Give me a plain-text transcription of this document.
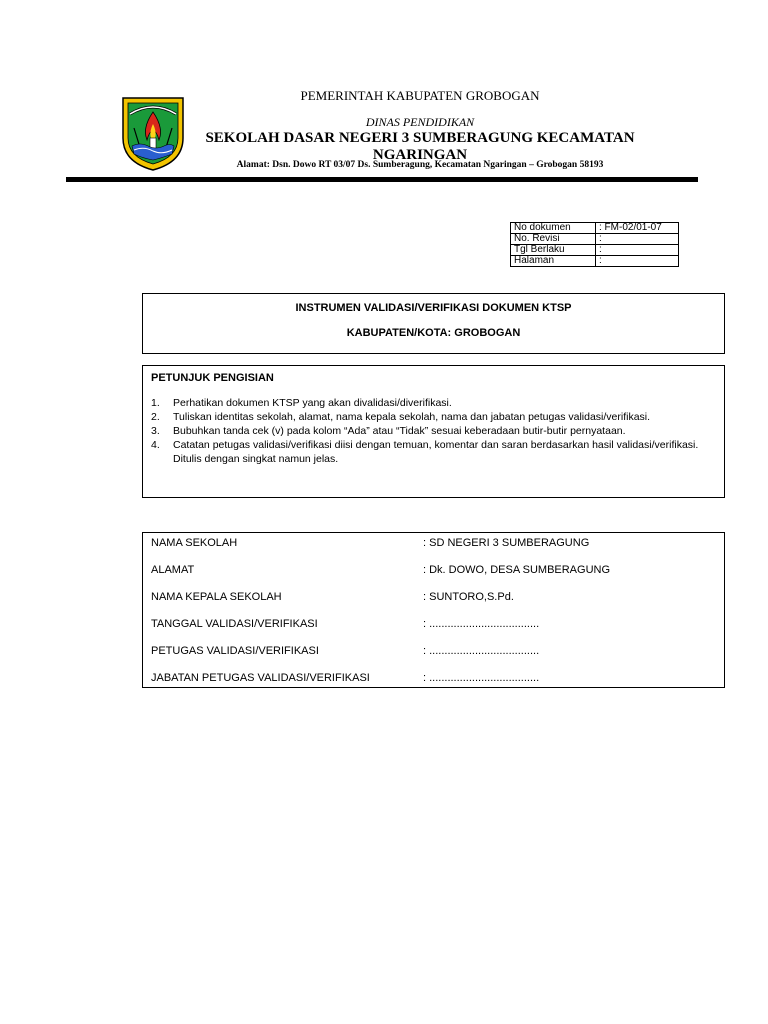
PEMERINTAH KABUPATEN GROBOGAN
DINAS PENDIDIKAN
SEKOLAH DASAR NEGERI 3 SUMBERAGUNG KECAMATAN NGARINGAN
Alamat: Dsn. Dowo RT 03/07 Ds. Sumberagung, Kecamatan Ngaringan – Grobogan 58193
No dokumen	: FM-02/01-07
No. Revisi	:
Tgl Berlaku	:
Halaman	:
INSTRUMEN VALIDASI/VERIFIKASI DOKUMEN KTSP
KABUPATEN/KOTA: GROBOGAN
PETUNJUK PENGISIAN
1.	Perhatikan dokumen KTSP yang akan divalidasi/diverifikasi.
2.	Tuliskan identitas sekolah, alamat, nama kepala sekolah, nama dan jabatan petugas validasi/verifikasi.
3.	Bubuhkan tanda cek (v) pada kolom “Ada” atau “Tidak” sesuai keberadaan butir-butir pernyataan.
4.	Catatan petugas validasi/verifikasi diisi dengan temuan, komentar dan saran berdasarkan hasil validasi/verifikasi. Ditulis dengan singkat namun jelas.
NAMA SEKOLAH	: SD NEGERI 3 SUMBERAGUNG
ALAMAT	: Dk. DOWO, DESA SUMBERAGUNG
NAMA KEPALA SEKOLAH	: SUNTORO,S.Pd.
TANGGAL VALIDASI/VERIFIKASI	: ....................................
PETUGAS VALIDASI/VERIFIKASI	: ....................................
JABATAN PETUGAS VALIDASI/VERIFIKASI	: ....................................
